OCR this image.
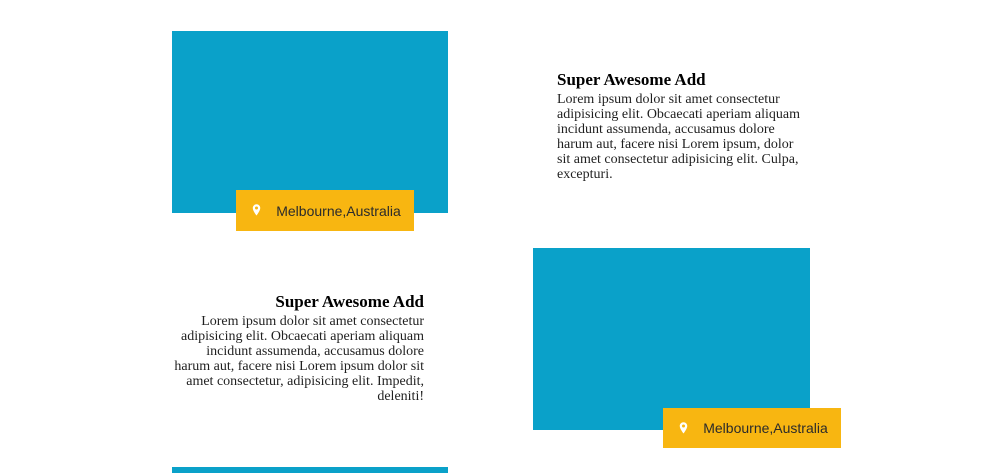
Melbourne,Australia
Super Awesome Add

Lorem ipsum dolor sit amet consectetur adipisicing elit. Obcaecati aperiam aliquam incidunt assumenda, accusamus dolore harum aut, facere nisi Lorem ipsum, dolor sit amet consectetur adipisicing elit. Culpa, excepturi.

Super Awesome Add

Lorem ipsum dolor sit amet consectetur adipisicing elit. Obcaecati aperiam aliquam incidunt assumenda, accusamus dolore harum aut, facere nisi Lorem ipsum dolor sit amet consectetur, adipisicing elit. Impedit, deleniti!

Melbourne,Australia
